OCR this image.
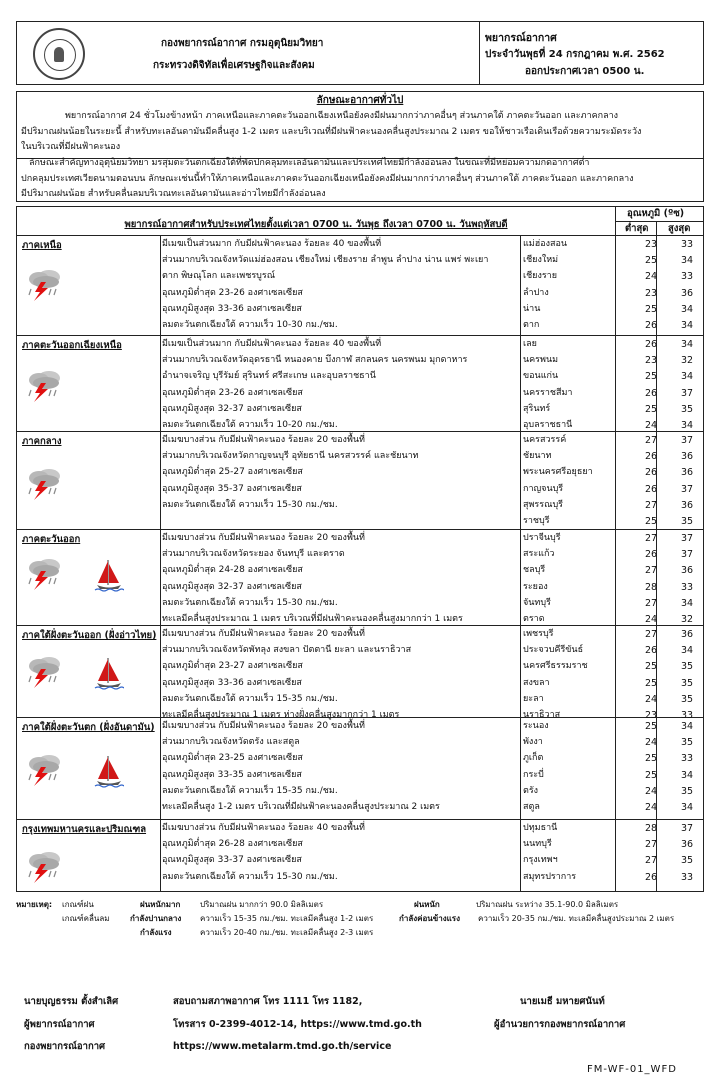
กองพยากรณ์อากาศ กรมอุตุนิยมวิทยา
กระทรวงดิจิทัลเพื่อเศรษฐกิจและสังคม
พยากรณ์อากาศ
ประจำวันพุธที่ 24 กรกฎาคม พ.ศ. 2562
ออกประกาศเวลา 0500 น.
ลักษณะอากาศทั่วไป
พยากรณ์อากาศ 24 ชั่วโมงข้างหน้า ภาคเหนือและภาคตะวันออกเฉียงเหนือยังคงมีฝนมากกว่าภาคอื่นๆ ส่วนภาคใต้ ภาคตะวันออก และภาคกลาง
มีปริมาณฝนน้อยในระยะนี้ สำหรับทะเลอันดามันมีคลื่นสูง 1-2 เมตร และบริเวณที่มีฝนฟ้าคะนองคลื่นสูงประมาณ 2 เมตร ขอให้ชาวเรือเดินเรือด้วยความระมัดระวัง
ในบริเวณที่มีฝนฟ้าคะนอง
ลักษณะสำคัญทางอุตุนิยมวิทยา มรสุมตะวันตกเฉียงใต้ที่พัดปกคลุมทะเลอันดามันและประเทศไทยมีกำลังอ่อนลง ในขณะที่มีหย่อมความกดอากาศต่ำ
ปกคลุมประเทศเวียดนามตอนบน ลักษณะเช่นนี้ทำให้ภาคเหนือและภาคตะวันออกเฉียงเหนือยังคงมีฝนมากกว่าภาคอื่นๆ ส่วนภาคใต้ ภาคตะวันออก และภาคกลาง
มีปริมาณฝนน้อย สำหรับคลื่นลมบริเวณทะเลอันดามันและอ่าวไทยมีกำลังอ่อนลง
พยากรณ์อากาศสำหรับประเทศไทยตั้งแต่เวลา 0700 น. วันพุธ ถึงเวลา 0700 น. วันพฤหัสบดี
อุณหภูมิ (ºซ)
ต่ำสุด สูงสุด
ภาคเหนือ	มีเมฆเป็นส่วนมาก กับมีฝนฟ้าคะนอง ร้อยละ 40 ของพื้นที่
ส่วนมากบริเวณจังหวัดแม่ฮ่องสอน เชียงใหม่ เชียงราย ลำพูน ลำปาง น่าน แพร่ พะเยา
ตาก พิษณุโลก และเพชรบูรณ์
อุณหภูมิต่ำสุด 23-26 องศาเซลเซียส
อุณหภูมิสูงสุด 33-36 องศาเซลเซียส
ลมตะวันตกเฉียงใต้ ความเร็ว 10-30 กม./ชม.
แม่ฮ่องสอน	23	33
เชียงใหม่	25	34
เชียงราย	24	33
ลำปาง	23	36
น่าน	25	34
ตาก	26	34
ภาคตะวันออกเฉียงเหนือ	มีเมฆเป็นส่วนมาก กับมีฝนฟ้าคะนอง ร้อยละ 40 ของพื้นที่
ส่วนมากบริเวณจังหวัดอุดรธานี หนองคาย บึงกาฬ สกลนคร นครพนม มุกดาหาร
อำนาจเจริญ บุรีรัมย์ สุรินทร์ ศรีสะเกษ และอุบลราชธานี
อุณหภูมิต่ำสุด 23-26 องศาเซลเซียส
อุณหภูมิสูงสุด 32-37 องศาเซลเซียส
ลมตะวันตกเฉียงใต้ ความเร็ว 10-20 กม./ชม.
เลย	26	34
นครพนม	23	32
ขอนแก่น	25	34
นครราชสีมา	26	37
สุรินทร์	25	35
อุบลราชธานี	24	34
ภาคกลาง	มีเมฆบางส่วน กับมีฝนฟ้าคะนอง ร้อยละ 20 ของพื้นที่
ส่วนมากบริเวณจังหวัดกาญจนบุรี อุทัยธานี นครสวรรค์ และชัยนาท
อุณหภูมิต่ำสุด 25-27 องศาเซลเซียส
อุณหภูมิสูงสุด 35-37 องศาเซลเซียส
ลมตะวันตกเฉียงใต้ ความเร็ว 15-30 กม./ชม.
นครสวรรค์	27	37
ชัยนาท	26	36
พระนครศรีอยุธยา	26	36
กาญจนบุรี	26	37
สุพรรณบุรี	27	36
ราชบุรี	25	35
ภาคตะวันออก	มีเมฆบางส่วน กับมีฝนฟ้าคะนอง ร้อยละ 20 ของพื้นที่
ส่วนมากบริเวณจังหวัดระยอง จันทบุรี และตราด
อุณหภูมิต่ำสุด 24-28 องศาเซลเซียส
อุณหภูมิสูงสุด 32-37 องศาเซลเซียส
ลมตะวันตกเฉียงใต้ ความเร็ว 15-30 กม./ชม.
ทะเลมีคลื่นสูงประมาณ 1 เมตร บริเวณที่มีฝนฟ้าคะนองคลื่นสูงมากกว่า 1 เมตร
ปราจีนบุรี	27	37
สระแก้ว	26	37
ชลบุรี	27	36
ระยอง	28	33
จันทบุรี	27	34
ตราด	24	32
ภาคใต้ฝั่งตะวันออก (ฝั่งอ่าวไทย) มีเมฆบางส่วน กับมีฝนฟ้าคะนอง ร้อยละ 20 ของพื้นที่
ส่วนมากบริเวณจังหวัดพัทลุง สงขลา ปัตตานี ยะลา และนราธิวาส
อุณหภูมิต่ำสุด 23-27 องศาเซลเซียส
อุณหภูมิสูงสุด 33-36 องศาเซลเซียส
ลมตะวันตกเฉียงใต้ ความเร็ว 15-35 กม./ชม.
ทะเลมีคลื่นสูงประมาณ 1 เมตร ห่างฝั่งคลื่นสูงมากกว่า 1 เมตร
เพชรบุรี	27	36
ประจวบคีรีขันธ์	26	34
นครศรีธรรมราช	25	35
สงขลา	25	35
ยะลา	24	35
นราธิวาส	23	33
ภาคใต้ฝั่งตะวันตก (ฝั่งอันดามัน) มีเมฆบางส่วน กับมีฝนฟ้าคะนอง ร้อยละ 20 ของพื้นที่
ส่วนมากบริเวณจังหวัดตรัง และสตูล
อุณหภูมิต่ำสุด 23-25 องศาเซลเซียส
อุณหภูมิสูงสุด 33-35 องศาเซลเซียส
ลมตะวันตกเฉียงใต้ ความเร็ว 15-35 กม./ชม.
ทะเลมีคลื่นสูง 1-2 เมตร บริเวณที่มีฝนฟ้าคะนองคลื่นสูงประมาณ 2 เมตร
ระนอง	25	34
พังงา	24	35
ภูเก็ต	25	33
กระบี่	25	34
ตรัง	24	35
สตูล	24	34
กรุงเทพมหานครและปริมณฑล มีเมฆบางส่วน กับมีฝนฟ้าคะนอง ร้อยละ 40 ของพื้นที่
อุณหภูมิต่ำสุด 26-28 องศาเซลเซียส
อุณหภูมิสูงสุด 33-37 องศาเซลเซียส
ลมตะวันตกเฉียงใต้ ความเร็ว 15-30 กม./ชม.
ปทุมธานี	28	37
นนทบุรี	27	36
กรุงเทพฯ	27	35
สมุทรปราการ	26	33
หมายเหตุ: เกณฑ์ฝน	ฝนหนักมาก ปริมาณฝน มากกว่า 90.0 มิลลิเมตร	ฝนหนัก	ปริมาณฝน ระหว่าง 35.1-90.0 มิลลิเมตร
เกณฑ์คลื่นลม	กำลังปานกลาง ความเร็ว 15-35 กม./ชม. ทะเลมีคลื่นสูง 1-2 เมตร	กำลังค่อนข้างแรง ความเร็ว 20-35 กม./ชม. ทะเลมีคลื่นสูงประมาณ 2 เมตร
กำลังแรง	ความเร็ว 20-40 กม./ชม. ทะเลมีคลื่นสูง 2-3 เมตร
นายบุญธรรม ตั้งสำเลิศ
ผู้พยากรณ์อากาศ
กองพยากรณ์อากาศ
สอบถามสภาพอากาศ โทร 1111 โทร 1182,
โทรสาร 0-2399-4012-14, https://www.tmd.go.th
https://www.metalarm.tmd.go.th/service
นายเมธี มหายศนันท์
ผู้อำนวยการกองพยากรณ์อากาศ
FM-WF-01_WFD
